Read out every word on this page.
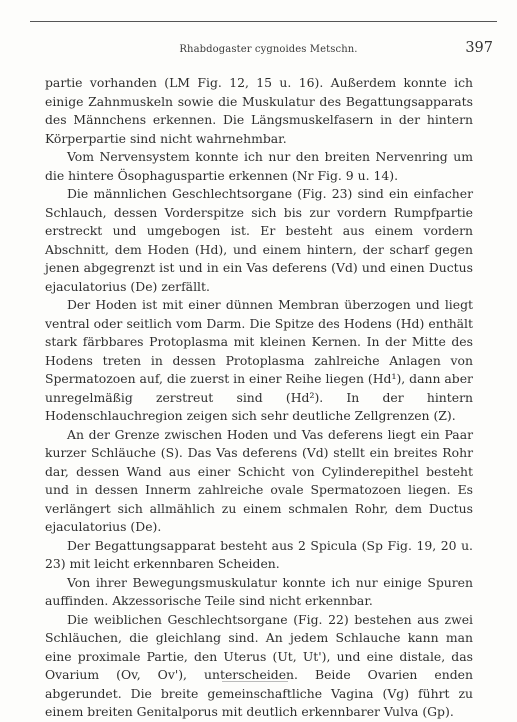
Rhabdogaster cygnoides Metschn.	397

partie vorhanden (LM Fig. 12, 15 u. 16). Außerdem konnte ich einige Zahnmuskeln sowie die Muskulatur des Begattungsapparats des Männchens erkennen. Die Längsmuskelfasern in der hintern Körperpartie sind nicht wahrnehmbar.

Vom Nervensystem konnte ich nur den breiten Nervenring um die hintere Ösophaguspartie erkennen (Nr Fig. 9 u. 14).

Die männlichen Geschlechtsorgane (Fig. 23) sind ein einfacher Schlauch, dessen Vorderspitze sich bis zur vordern Rumpfpartie erstreckt und umgebogen ist. Er besteht aus einem vordern Abschnitt, dem Hoden (Hd), und einem hintern, der scharf gegen jenen abgegrenzt ist und in ein Vas deferens (Vd) und einen Ductus ejaculatorius (De) zerfällt.

Der Hoden ist mit einer dünnen Membran überzogen und liegt ventral oder seitlich vom Darm. Die Spitze des Hodens (Hd) enthält stark färbbares Protoplasma mit kleinen Kernen. In der Mitte des Hodens treten in dessen Protoplasma zahlreiche Anlagen von Spermatozoen auf, die zuerst in einer Reihe liegen (Hd¹), dann aber unregelmäßig zerstreut sind (Hd²). In der hintern Hodenschlauchregion zeigen sich sehr deutliche Zellgrenzen (Z).

An der Grenze zwischen Hoden und Vas deferens liegt ein Paar kurzer Schläuche (S). Das Vas deferens (Vd) stellt ein breites Rohr dar, dessen Wand aus einer Schicht von Cylinderepithel besteht und in dessen Innerm zahlreiche ovale Spermatozoen liegen. Es verlängert sich allmählich zu einem schmalen Rohr, dem Ductus ejaculatorius (De).

Der Begattungsapparat besteht aus 2 Spicula (Sp Fig. 19, 20 u. 23) mit leicht erkennbaren Scheiden.

Von ihrer Bewegungsmuskulatur konnte ich nur einige Spuren auffinden. Akzessorische Teile sind nicht erkennbar.

Die weiblichen Geschlechtsorgane (Fig. 22) bestehen aus zwei Schläuchen, die gleichlang sind. An jedem Schlauche kann man eine proximale Partie, den Uterus (Ut, Ut'), und eine distale, das Ovarium (Ov, Ov'), unterscheiden. Beide Ovarien enden abgerundet. Die breite gemeinschaftliche Vagina (Vg) führt zu einem breiten Genitalporus mit deutlich erkennbarer Vulva (Gp).
